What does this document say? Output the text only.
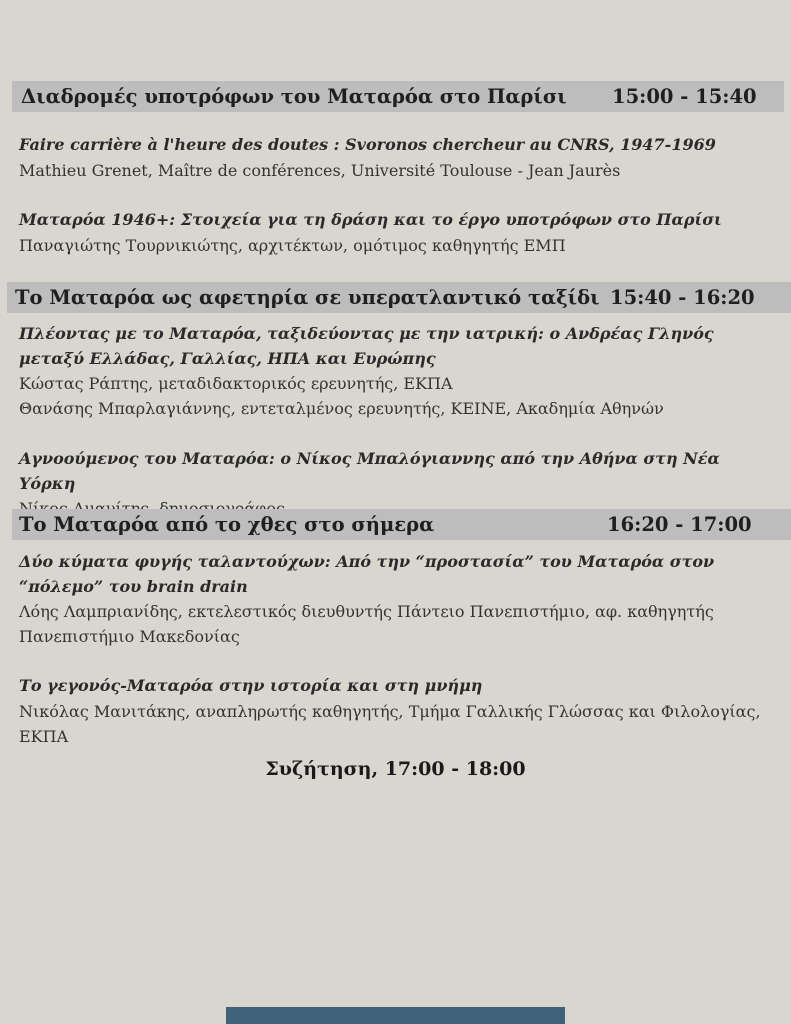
Διαδρομές υποτρόφων του Ματαρόα στο Παρίσι 15:00 - 15:40

Faire carrière à l'heure des doutes : Svoronos chercheur au CNRS, 1947-1969

Mathieu Grenet, Maître de conférences, Université Toulouse - Jean Jaurès

Ματαρόα 1946+: Στοιχεία για τη δράση και το έργο υποτρόφων στο Παρίσι

Παναγιώτης Τουρνικιώτης, αρχιτέκτων, ομότιμος καθηγητής ΕΜΠ

Το Ματαρόα ως αφετηρία σε υπερατλαντικό ταξίδι 15:40 - 16:20

Πλέοντας με το Ματαρόα, ταξιδεύοντας με την ιατρική: ο Ανδρέας Γληνός μεταξύ Ελλάδας, Γαλλίας, ΗΠΑ και Ευρώπης

Κώστας Ράπτης, μεταδιδακτορικός ερευνητής, ΕΚΠΑ

Θανάσης Μπαρλαγιάννης, εντεταλμένος ερευνητής, ΚΕΙΝΕ, Ακαδημία Αθηνών

Αγνοούμενος του Ματαρόα: ο Νίκος Μπαλόγιαννης από την Αθήνα στη Νέα Υόρκη

Το Ματαρόα από το χθες στο σήμερα	16:20 - 17:00

Δύο κύματα φυγής ταλαντούχων: Από την “προστασία” του Ματαρόα στον “πόλεμο” του brain drain

Λόης Λαμπριανίδης, εκτελεστικός διευθυντής Πάντειο Πανεπιστήμιο, αφ. καθηγητής Πανεπιστήμιο Μακεδονίας

Το γεγονός-Ματαρόα στην ιστορία και στη μνήμη

Νικόλας Μανιτάκης, αναπληρωτής καθηγητής, Τμήμα Γαλλικής Γλώσσας και Φιλολογίας, ΕΚΠΑ

Συζήτηση, 17:00 - 18:00
